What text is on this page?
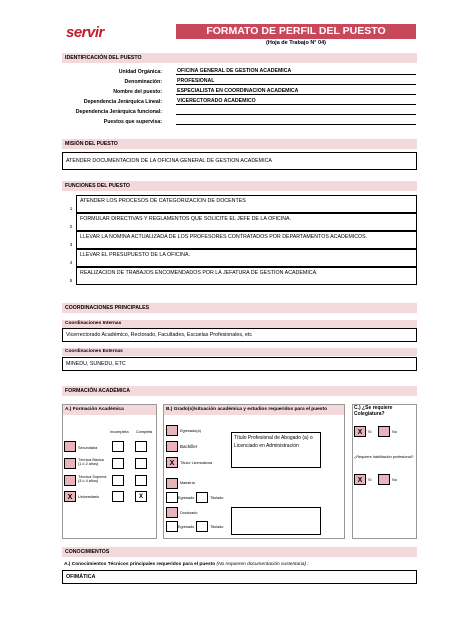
servir	FORMATO DE PERFIL DEL PUESTO
(Hoja de Trabajo N° 04)
IDENTIFICACIÓN DEL PUESTO
Unidad Orgánica:	OFICINA GENERAL DE GESTION ACADEMICA
Denominación:	PROFESIONAL
Nombre del puesto:	ESPECIALISTA EN COORDINACION ACADEMICA
Dependencia Jerárquica Lineal:	VICERECTORADO ACADEMICO
Dependencia Jerárquica funcional:
Puestos que supervisa:
MISIÓN DEL PUESTO
ATENDER DOCUMENTACION DE LA OFICINA GENERAL DE GESTION ACADEMICA
FUNCIONES DEL PUESTO
1
ATENDER LOS PROCESOS DE CATEGORIZACION DE DOCENTES
2
FORMULAR DIRECTIVAS Y REGLAMENTOS QUE SOLICITE EL JEFE DE LA OFICINA.
3
LLEVAR LA NOMINA ACTUALIZADA DE LOS PROFESORES CONTRATADOS POR DEPARTAMENTOS ACADEMICOS.
4
LLEVAR EL PRESUPUESTO DE LA OFICINA.
5
REALIZACION DE TRABAJOS ENCOMENDADOS POR LA JEFATURA DE GESTION ACADEMICA.
COORDINACIONES PRINCIPALES
Coordinaciones Internas
Vicerrectorado Académico, Rectorado, Facultades, Escuelas Profesionales, etc
Coordinaciones Externas
MINEDU, SUNEDU, ETC
FORMACIÓN ACADÉMICA
A.) Formación Académica
Incompleta Completa
Secundaria
Técnica Básica (1 ó 2 años)
Técnica Superior (3 ó 4 años)
X	Universitario	X
B.) Grado(s)/situación académica y estudios requeridos para el puesto
Egresado(a)
Bachiller
X	Título/ Licenciatura
Título Profesional de Abogado (a) o Licenciado en Administración
Maestría
Egresado	Titulado
Doctorado
Egresado	Titulado
C.) ¿Se requiere Colegiatura?
X	Sí	No
¿Requiere habilitación profesional?
X	Sí	No
CONOCIMIENTOS
A.) Conocimientos Técnicos principales requeridos para el puesto (No requieren documentación sustentaria) :
OFIMÁTICA
